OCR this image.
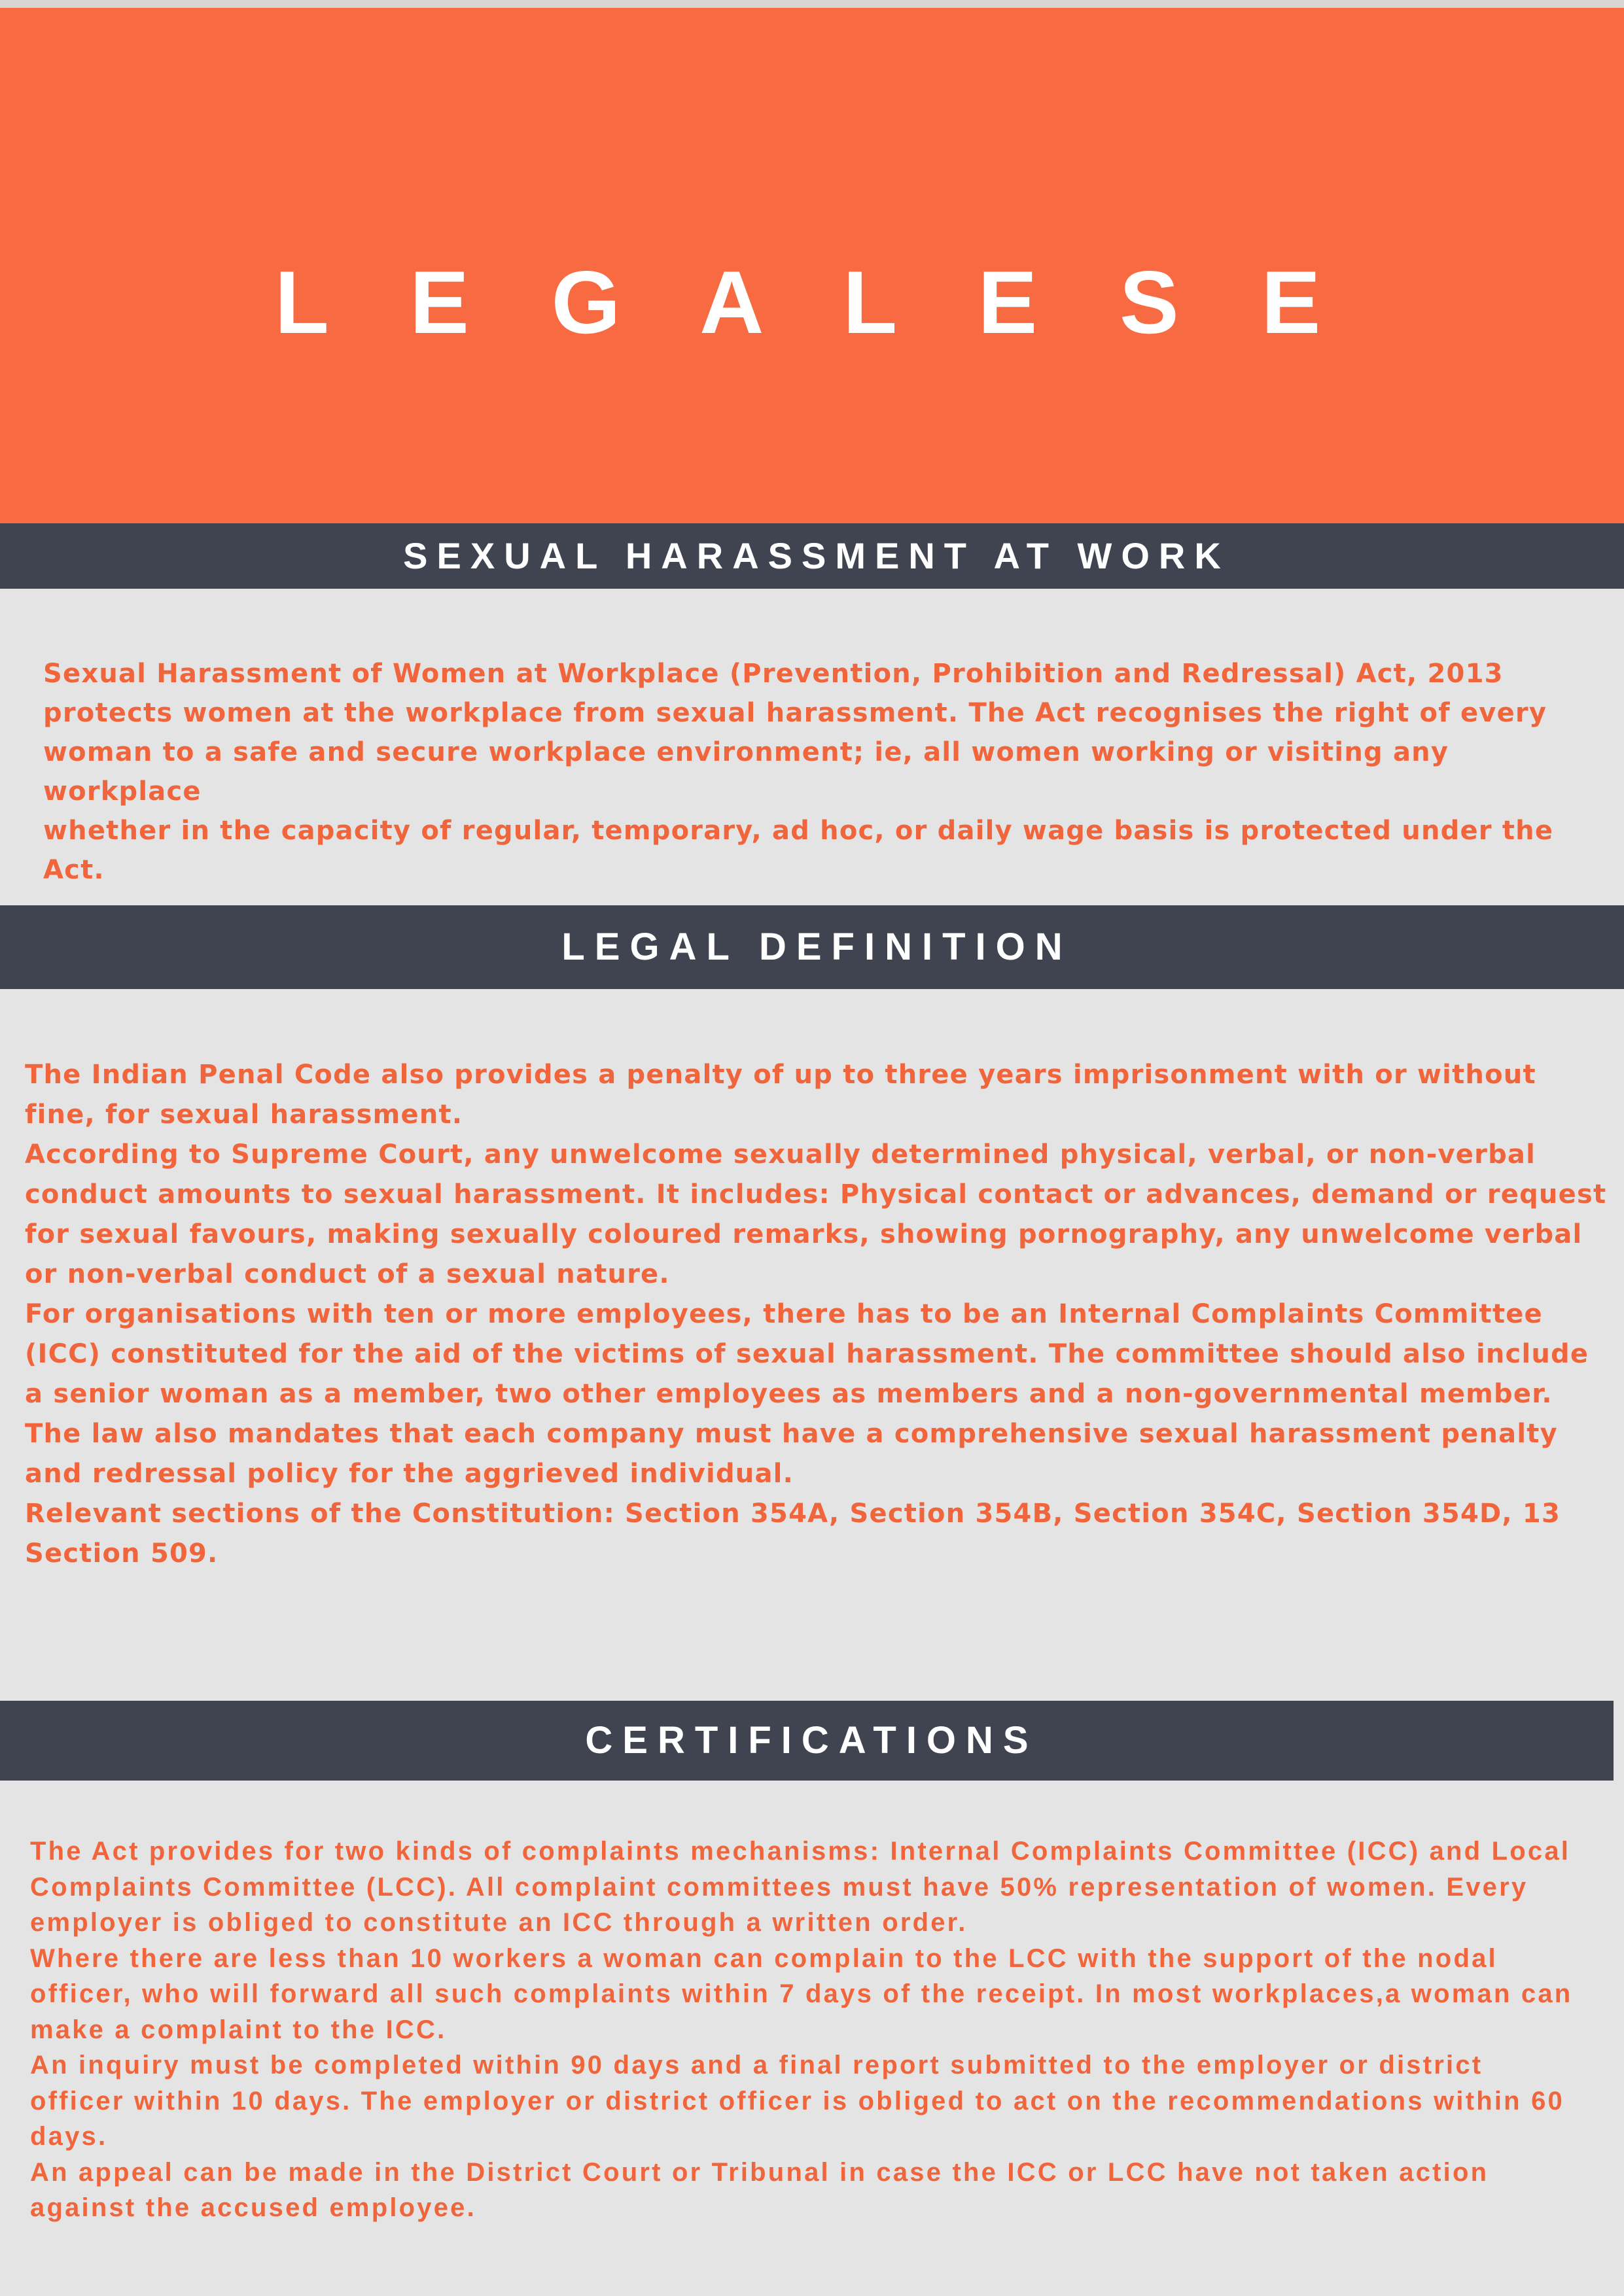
L E G A L E S E
SEXUAL HARASSMENT AT WORK

Sexual Harassment of Women at Workplace (Prevention, Prohibition and Redressal) Act, 2013
protects women at the workplace from sexual harassment. The Act recognises the right of every
woman to a safe and secure workplace environment; ie, all women working or visiting any workplace
whether in the capacity of regular, temporary, ad hoc, or daily wage basis is protected under the
Act.

LEGAL DEFINITION

The Indian Penal Code also provides a penalty of up to three years imprisonment with or without
fine, for sexual harassment.
According to Supreme Court, any unwelcome sexually determined physical, verbal, or non-verbal
conduct amounts to sexual harassment. It includes: Physical contact or advances, demand or request
for sexual favours, making sexually coloured remarks, showing pornography, any unwelcome verbal
or non-verbal conduct of a sexual nature.
For organisations with ten or more employees, there has to be an Internal Complaints Committee
(ICC) constituted for the aid of the victims of sexual harassment. The committee should also include
a senior woman as a member, two other employees as members and a non-governmental member.
The law also mandates that each company must have a comprehensive sexual harassment penalty
and redressal policy for the aggrieved individual.
Relevant sections of the Constitution: Section 354A, Section 354B, Section 354C, Section 354D, 13
Section 509.

CERTIFICATIONS

The Act provides for two kinds of complaints mechanisms: Internal Complaints Committee (ICC) and Local
Complaints Committee (LCC). All complaint committees must have 50% representation of women. Every
employer is obliged to constitute an ICC through a written order.
Where there are less than 10 workers a woman can complain to the LCC with the support of the nodal
officer, who will forward all such complaints within 7 days of the receipt. In most workplaces,a woman can
make a complaint to the ICC.
An inquiry must be completed within 90 days and a final report submitted to the employer or district
officer within 10 days. The employer or district officer is obliged to act on the recommendations within 60
days.
An appeal can be made in the District Court or Tribunal in case the ICC or LCC have not taken action
against the accused employee.
